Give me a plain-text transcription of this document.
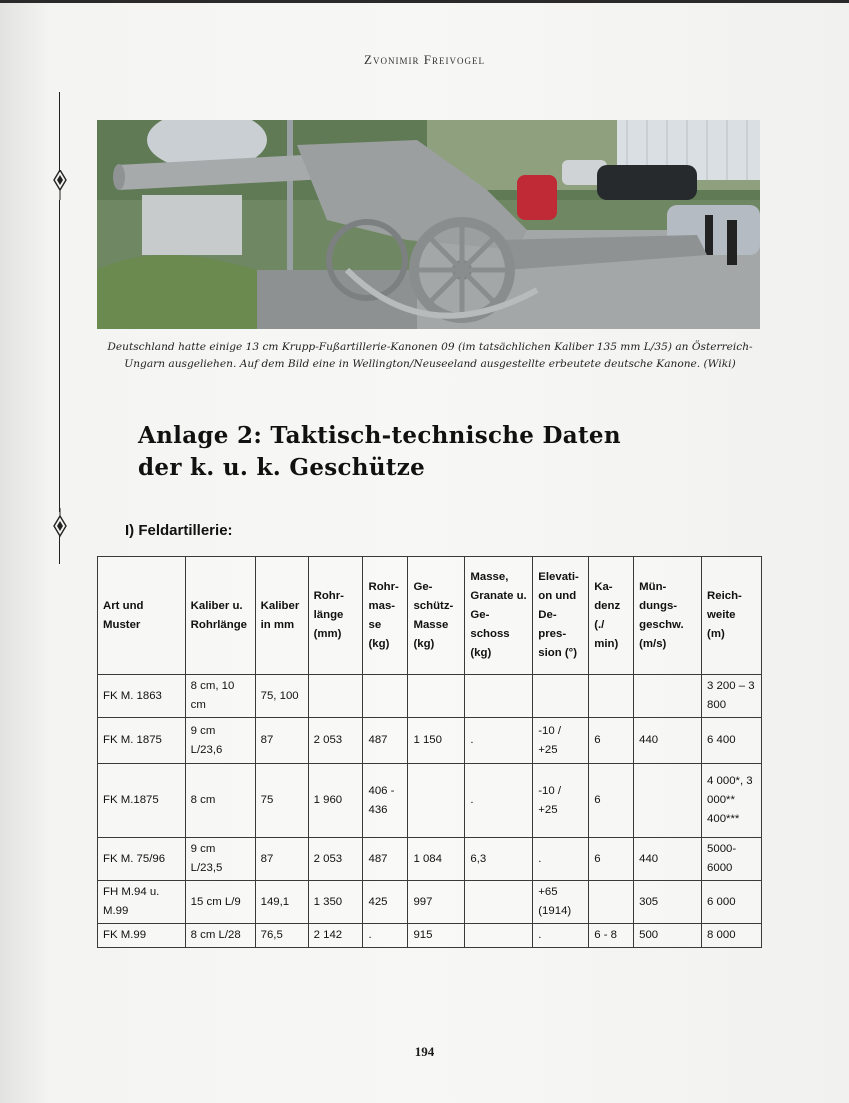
Zvonimir Freivogel
Deutschland hatte einige 13 cm Krupp-Fußartillerie-Kanonen 09 (im tatsächlichen Kaliber 135 mm L/35) an Österreich-Ungarn ausgeliehen. Auf dem Bild eine in Wellington/Neuseeland ausgestellte erbeutete deutsche Kanone. (Wiki)
Anlage 2: Taktisch-technische Daten
der k. u. k. Geschütze
I) Feldartillerie:
Art und Muster	Kaliber u. Rohrlänge	Kaliber in mm	Rohr-länge (mm)	Rohr-mas-se (kg)	Ge-schütz-Masse (kg)	Masse, Granate u. Ge-schoss (kg)	Elevati-on und De-pres-sion (°)	Ka-denz (./ min)	Mün-dungs-geschw. (m/s)	Reich-weite (m)
FK M. 1863	8 cm, 10 cm	75, 100								3 200 – 3 800
FK M. 1875	9 cm L/23,6	87	2 053	487	1 150	.	-10 / +25	6	440	6 400
FK M.1875	8 cm	75	1 960	406 - 436		.	-10 / +25	6		4 000*, 3 000** 400***
FK M. 75/96	9 cm L/23,5	87	2 053	487	1 084	6,3	.	6	440	5000-6000
FH M.94 u. M.99	15 cm L/9	149,1	1 350	425	997		+65 (1914)		305	6 000
FK M.99	8 cm L/28	76,5	2 142	.	915		.	6 - 8	500	8 000
194
